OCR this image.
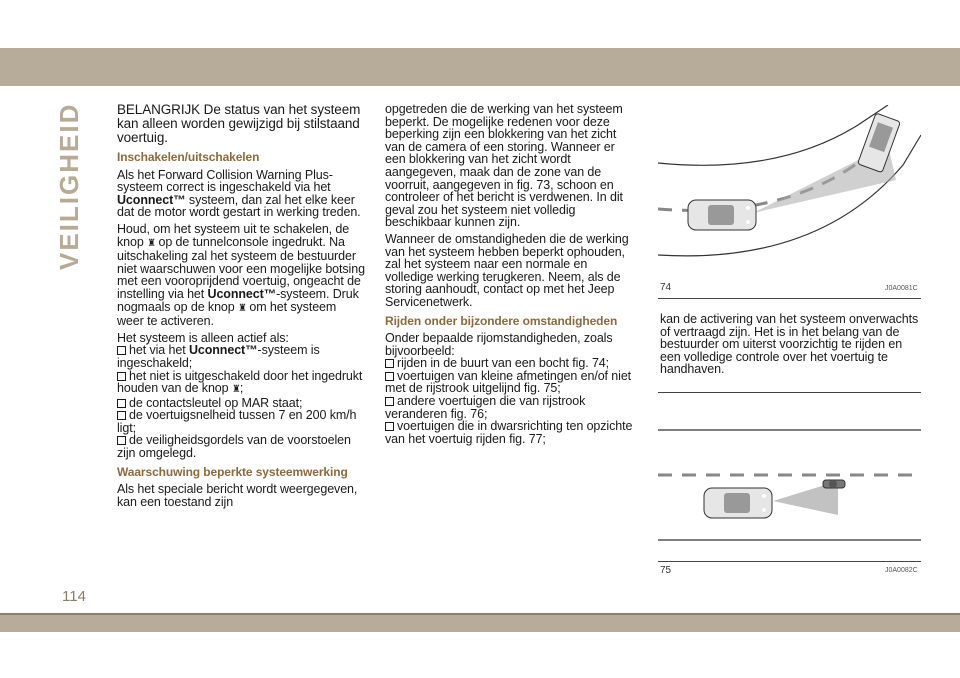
VEILIGHEID BELANGRIJK De status van het systeem kan alleen worden gewijzigd bij stilstaand voertuig.

Inschakelen/uitschakelen

Als het Forward Collision Warning Plus-systeem correct is ingeschakeld via het Uconnect™ systeem, dan zal het elke keer dat de motor wordt gestart in werking treden.

Houd, om het systeem uit te schakelen, de knop ♜ op de tunnelconsole ingedrukt. Na uitschakeling zal het systeem de bestuurder niet waarschuwen voor een mogelijke botsing met een vooroprijdend voertuig, ongeacht de instelling via het Uconnect™-systeem. Druk nogmaals op de knop ♜ om het systeem weer te activeren.

Het systeem is alleen actief als:

het via het Uconnect™-systeem is ingeschakeld;
het niet is uitgeschakeld door het ingedrukt houden van de knop ♜;
de contactsleutel op MAR staat;
de voertuigsnelheid tussen 7 en 200 km/h ligt;
de veiligheidsgordels van de voorstoelen zijn omgelegd.
Waarschuwing beperkte systeemwerking

Als het speciale bericht wordt weergegeven, kan een toestand zijn

opgetreden die de werking van het systeem beperkt. De mogelijke redenen voor deze beperking zijn een blokkering van het zicht van de camera of een storing. Wanneer er een blokkering van het zicht wordt aangegeven, maak dan de zone van de voorruit, aangegeven in fig. 73, schoon en controleer of het bericht is verdwenen. In dit geval zou het systeem niet volledig beschikbaar kunnen zijn.

Wanneer de omstandigheden die de werking van het systeem hebben beperkt ophouden, zal het systeem naar een normale en volledige werking terugkeren. Neem, als de storing aanhoudt, contact op met het Jeep Servicenetwerk.

Rijden onder bijzondere omstandigheden

Onder bepaalde rijomstandigheden, zoals bijvoorbeeld:

rijden in de buurt van een bocht fig. 74;
voertuigen van kleine afmetingen en/of niet met de rijstrook uitgelijnd fig. 75;
andere voertuigen die van rijstrook veranderen fig. 76;
voertuigen die in dwarsrichting ten opzichte van het voertuig rijden fig. 77;
74	J0A0081C

kan de activering van het systeem onverwachts of vertraagd zijn. Het is in het belang van de bestuurder om uiterst voorzichtig te rijden en een volledige controle over het voertuig te handhaven.

75	J0A0082C
114
